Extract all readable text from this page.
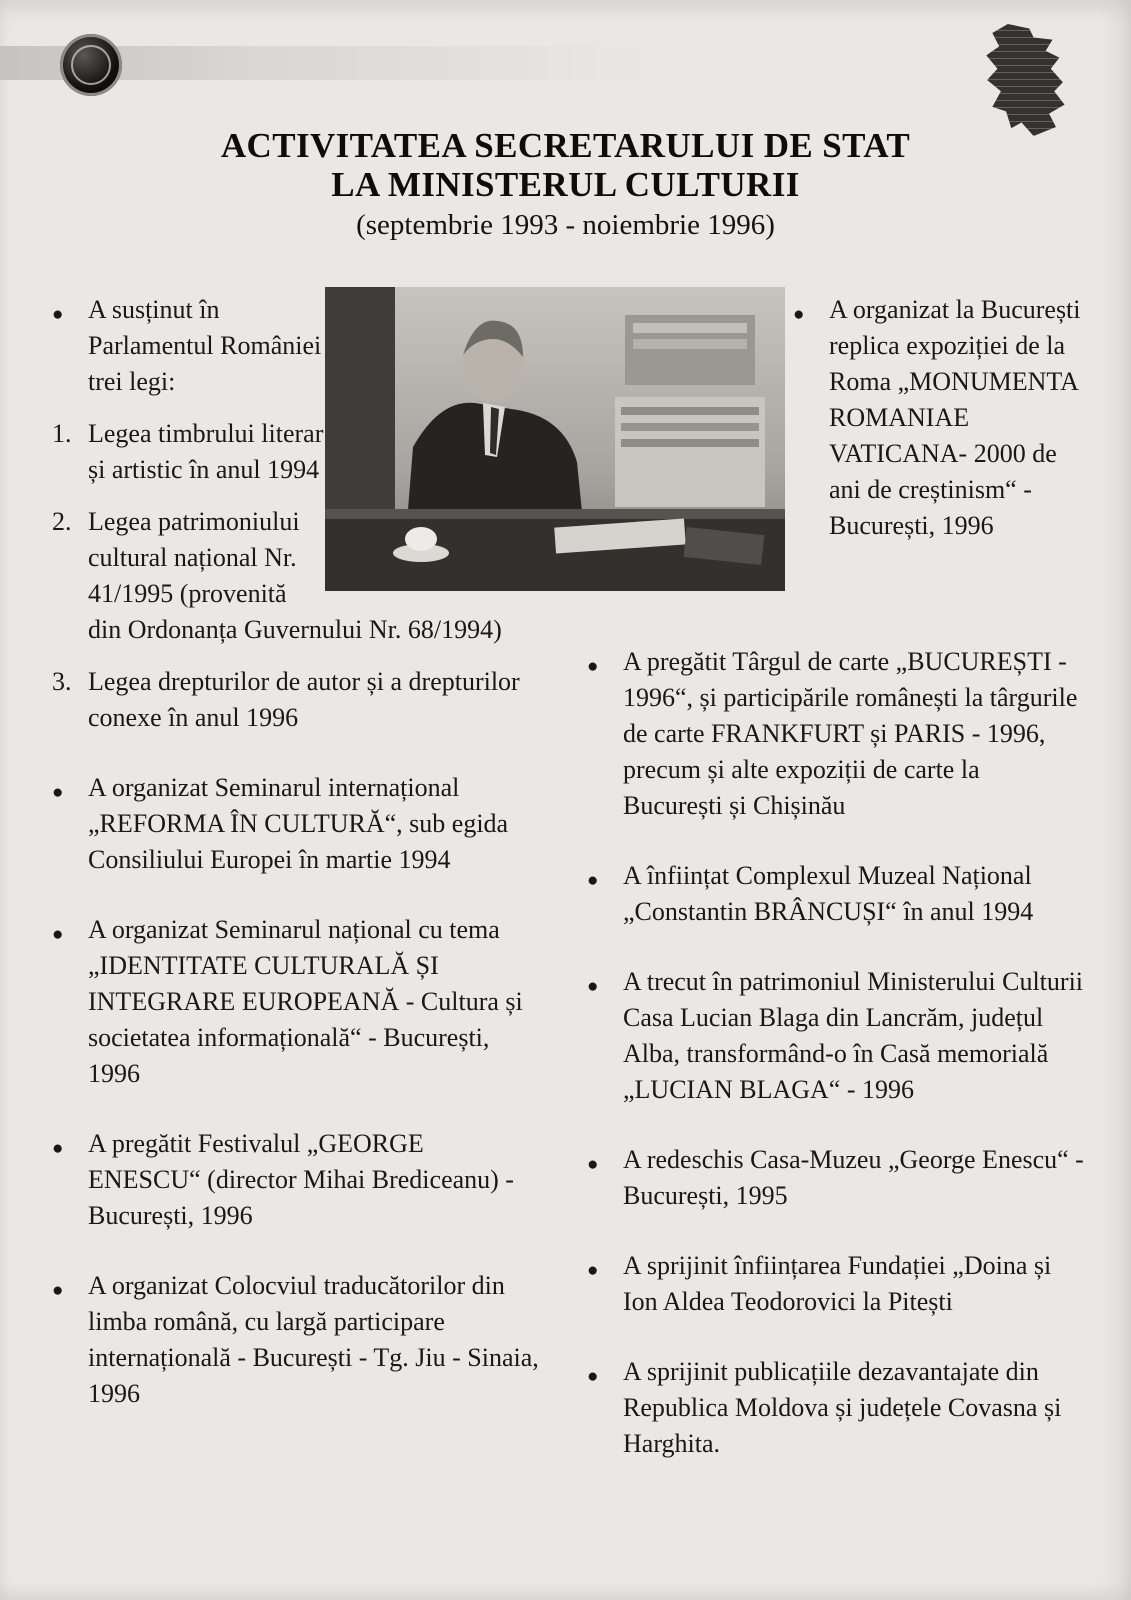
ACTIVITATEA SECRETARULUI DE STAT
LA MINISTERUL CULTURII
(septembrie 1993 - noiembrie 1996)
● A susținut în Parlamentul României trei legi:
1. Legea timbrului literar și artistic în anul 1994
2. Legea patrimoniului cultural național Nr. 41/1995 (provenită din Ordonanța Guvernului Nr. 68/1994)
3. Legea drepturilor de autor și a drepturilor conexe în anul 1996
● A organizat Seminarul internațional „REFORMA ÎN CULTURĂ“, sub egida Consiliului Europei în martie 1994
● A organizat Seminarul național cu tema „IDENTITATE CULTURALĂ ȘI INTEGRARE EUROPEANĂ - Cultura și societatea informațională“ - București, 1996
● A pregătit Festivalul „GEORGE ENESCU“ (director Mihai Brediceanu) - București, 1996
● A organizat Colocviul traducătorilor din limba română, cu largă participare internațională - București - Tg. Jiu - Sinaia, 1996
● A organizat la București replica expoziției de la Roma „MONUMENTA ROMANIAE VATICANA- 2000 de ani de creștinism“ - București, 1996
● A pregătit Târgul de carte „BUCUREȘTI - 1996“, și participările românești la târgurile de carte FRANKFURT și PARIS - 1996, precum și alte expoziții de carte la București și Chișinău
● A înființat Complexul Muzeal Național „Constantin BRÂNCUȘI“ în anul 1994
● A trecut în patrimoniul Ministerului Culturii Casa Lucian Blaga din Lancrăm, județul Alba, transformând-o în Casă memorială „LUCIAN BLAGA“ - 1996
● A redeschis Casa-Muzeu „George Enescu“ - București, 1995
● A sprijinit înființarea Fundației „Doina și Ion Aldea Teodorovici la Pitești
● A sprijinit publicațiile dezavantajate din Republica Moldova și județele Covasna și Harghita.
